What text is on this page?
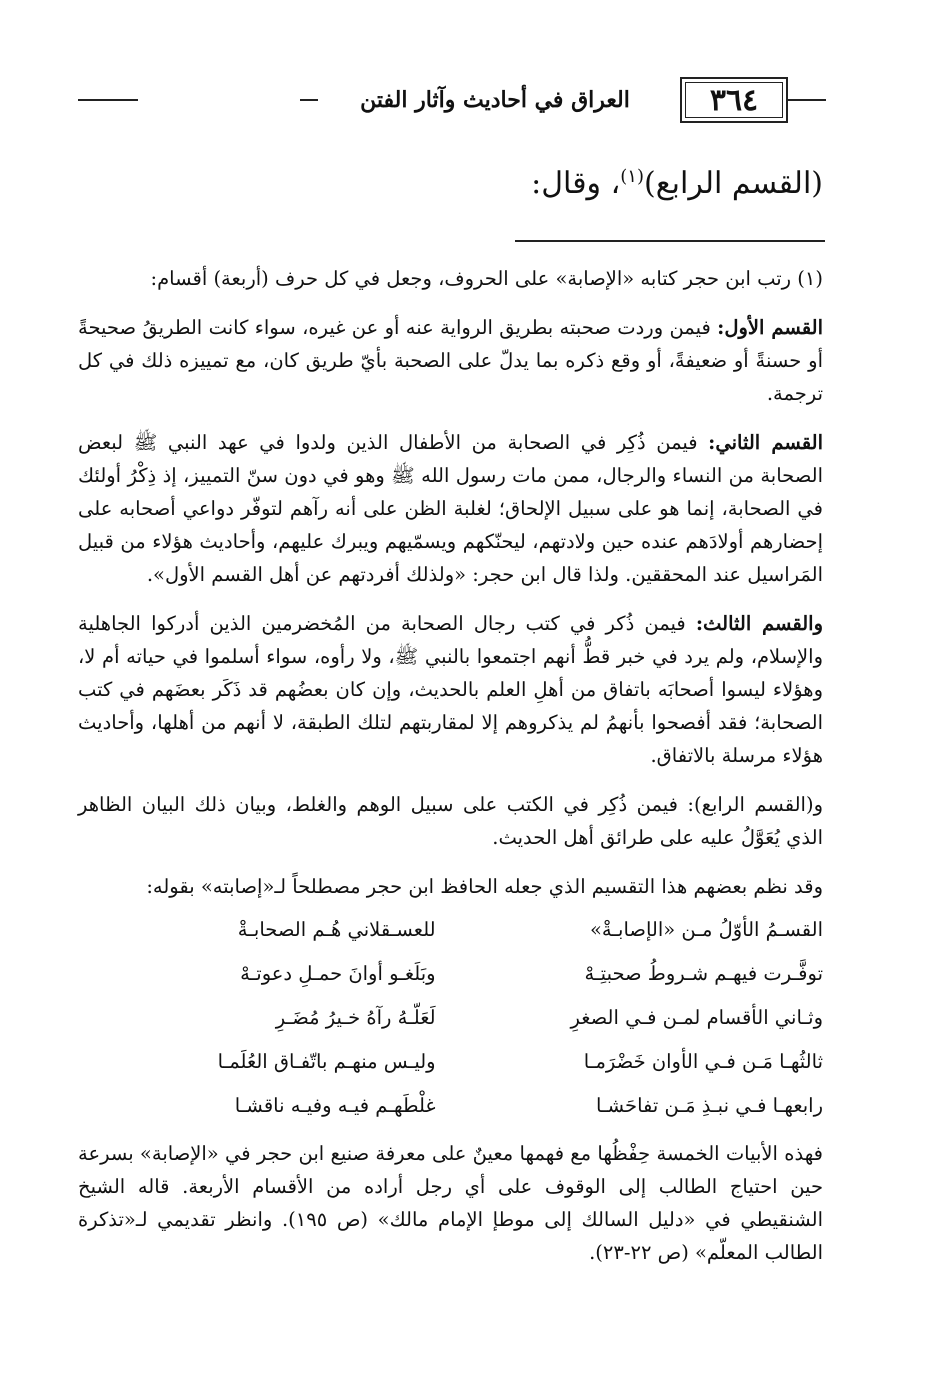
٣٦٤
العراق في أحاديث وآثار الفتن
(القسم الرابع)$^{(١)}$، وقال:

(١) رتب ابن حجر كتابه «الإصابة» على الحروف، وجعل في كل حرف (أربعة) أقسام:

القسم الأول: فيمن وردت صحبته بطريق الرواية عنه أو عن غيره، سواء كانت الطريقُ صحيحةً أو حسنةً أو ضعيفةً، أو وقع ذكره بما يدلّ على الصحبة بأيّ طريق كان، مع تمييزه ذلك في كل ترجمة.

القسم الثاني: فيمن ذُكِر في الصحابة من الأطفال الذين ولدوا في عهد النبي ﷺ لبعض الصحابة من النساء والرجال، ممن مات رسول الله ﷺ وهو في دون سنّ التمييز، إذ ذِكْرُ أولئك في الصحابة، إنما هو على سبيل الإلحاق؛ لغلبة الظن على أنه رآهم لتوفّر دواعي أصحابه على إحضارهم أولادَهم عنده حين ولادتهم، ليحنّكهم ويسمّيهم ويبرك عليهم، وأحاديث هؤلاء من قبيل المَراسيل عند المحققين. ولذا قال ابن حجر: «ولذلك أفردتهم عن أهل القسم الأول».

والقسم الثالث: فيمن ذُكر في كتب رجال الصحابة من المُخضرمين الذين أدركوا الجاهلية والإسلام، ولم يرد في خبر قطُّ أنهم اجتمعوا بالنبي ﷺ، ولا رأوه، سواء أسلموا في حياته أم لا، وهؤلاء ليسوا أصحابَه باتفاق من أهلِ العلم بالحديث، وإن كان بعضُهم قد ذَكَر بعضَهم في كتب الصحابة؛ فقد أفصحوا بأنهمُ لم يذكروهم إلا لمقاربتهم لتلك الطبقة، لا أنهم من أهلها، وأحاديث هؤلاء مرسلة بالاتفاق.

و(القسم الرابع): فيمن ذُكِر في الكتب على سبيل الوهم والغلط، وبيان ذلك البيان الظاهر الذي يُعَوَّلُ عليه على طرائق أهل الحديث.

وقد نظم بعضهم هذا التقسيم الذي جعله الحافظ ابن حجر مصطلحاً لـ«إصابته» بقوله:

القسـمُ الأوّلُ مـن «الإصابـةْ»
للعسـقلاني هُـم الصحابـةْ
توفَّـرت فيهـم شـروطُ صحبتِـهْ
وبَلَغـو أوانَ حمـلِ دعوتـهْ
وثـاني الأقسام لمـن فـي الصغرِ
لَعَلّـهُ رآهُ خـيرُ مُضَـرِ
ثالثُهـا مَـن فـي الأوان خَضْرَمـا
وليـس منهـم باتّفـاق العُلَمـا
رابعهـا فـي نبـذِ مَـن تفاحَشـا
غلْطَهـم فيـه وفيـه ناقشـا

فهذه الأبيات الخمسة حِفْظُها مع فهمها معينٌ على معرفة صنيع ابن حجر في «الإصابة» بسرعة حين احتياج الطالب إلى الوقوف على أي رجل أراده من الأقسام الأربعة. قاله الشيخ الشنقيطي في «دليل السالك إلى موطإ الإمام مالك» (ص ١٩٥). وانظر تقديمي لـ«تذكرة الطالب المعلّم» (ص ٢٢-٢٣).
